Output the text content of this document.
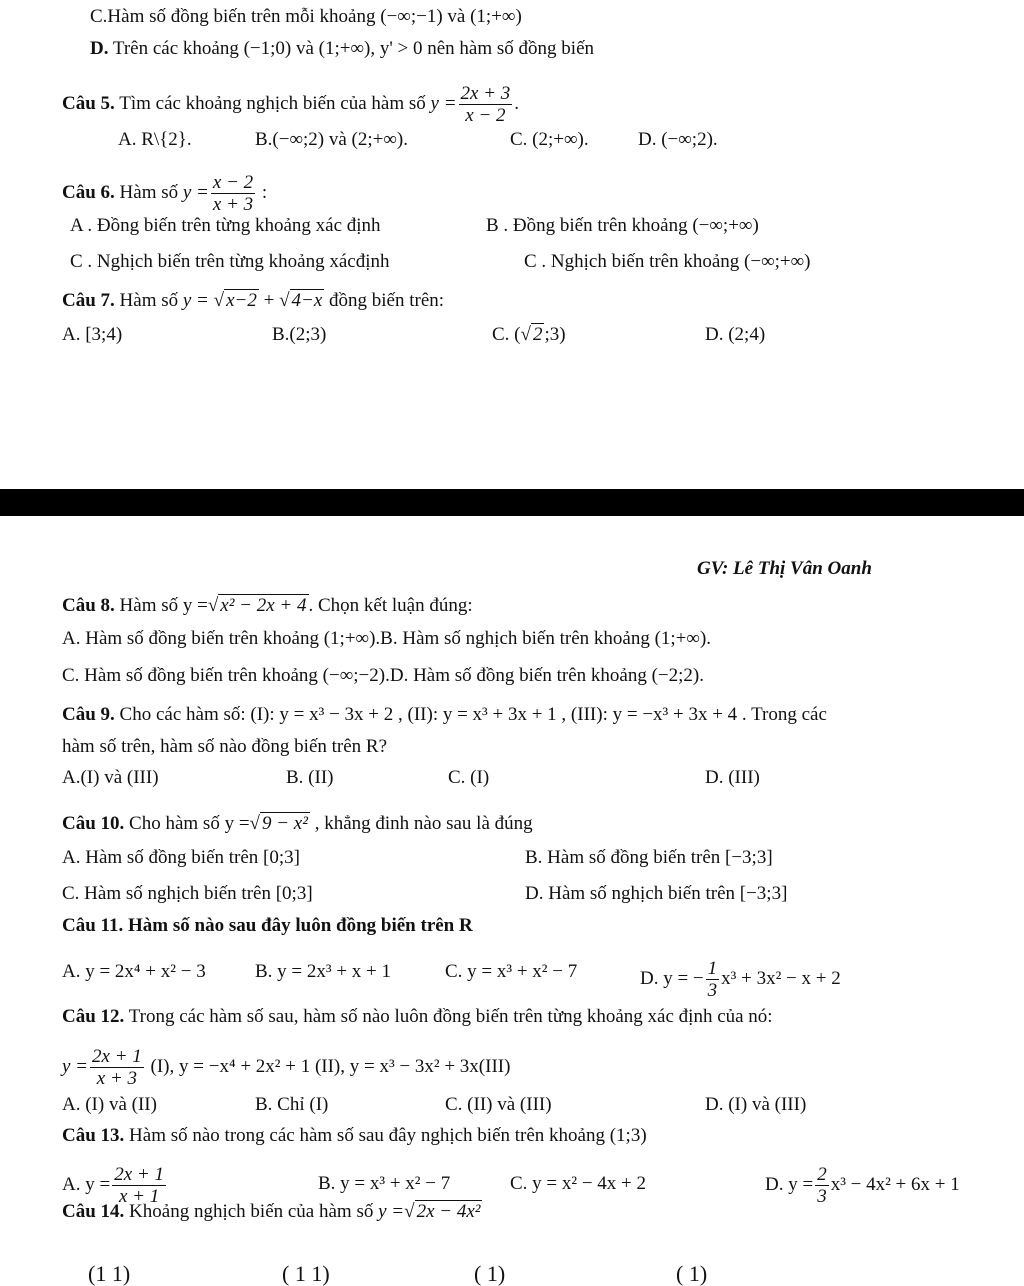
C.Hàm số đồng biến trên mỗi khoảng (−∞;−1) và (1;+∞)
D. Trên các khoảng (−1;0) và (1;+∞), y' > 0 nên hàm số đồng biến
Câu 5. Tìm các khoảng nghịch biến của hàm số $y = \frac{2x + 3}{x - 2}$ .
A. R\{2}.	B.(−∞;2) và (2;+∞).	C. (2;+∞).	D. (−∞;2).
Câu 6. Hàm số $y = \frac{x - 2}{x + 3}$ :
A . Đồng biến trên từng khoảng xác định	B . Đồng biến trên khoảng (−∞;+∞)
C . Nghịch biến trên từng khoảng xácđịnh	C . Nghịch biến trên khoảng (−∞;+∞)
Câu 7. Hàm số y = √ x−2 + √ 4−x đồng biến trên:
A. [3;4)	B.(2;3)	C. (√ 2 ;3)	D. (2;4)
GV: Lê Thị Vân Oanh
Câu 8. Hàm số y =√ x² − 2x + 4 . Chọn kết luận đúng:
A. Hàm số đồng biến trên khoảng (1;+∞).B. Hàm số nghịch biến trên khoảng (1;+∞).
C. Hàm số đồng biến trên khoảng (−∞;−2).D. Hàm số đồng biến trên khoảng (−2;2).
Câu 9. Cho các hàm số: (I): y = x³ − 3x + 2 , (II): y = x³ + 3x + 1 , (III): y = −x³ + 3x + 4 . Trong các
hàm số trên, hàm số nào đồng biến trên R?
A.(I) và (III)	B. (II)	C. (I)	D. (III)
Câu 10. Cho hàm số y =√ 9 − x² , khẳng đinh nào sau là đúng
A. Hàm số đồng biến trên [0;3]	B. Hàm số đồng biến trên [−3;3]
C. Hàm số nghịch biến trên [0;3]	D. Hàm số nghịch biến trên [−3;3]
Câu 11. Hàm số nào sau đây luôn đồng biến trên R
A. y = 2x⁴ + x² − 3	B. y = 2x³ + x + 1	C. y = x³ + x² − 7	D. y = − $\frac{1}{3} x^3 + 3x^2 - x + 2$
Câu 12. Trong các hàm số sau, hàm số nào luôn đồng biến trên từng khoảng xác định của nó:
$y = \frac{2x + 1}{x + 3} (I)$, y = −x⁴ + 2x² + 1 (II), y = x³ − 3x² + 3x(III)
A. (I) và (II)	B. Chỉ (I)	C. (II) và (III)	D. (I) và (III)
Câu 13. Hàm số nào trong các hàm số sau đây nghịch biến trên khoảng (1;3)
A. $y = \frac{2x + 1}{x + 1}$	B. y = x³ + x² − 7	C. y = x² − 4x + 2	D. $y = \frac{2}{3} x^3 - 4x^2 + 6x + 1$
Câu 14. Khoảng nghịch biến của hàm số y =√ 2x − 4x²
(1 1)	( 1 1)	( 1)	( 1)
